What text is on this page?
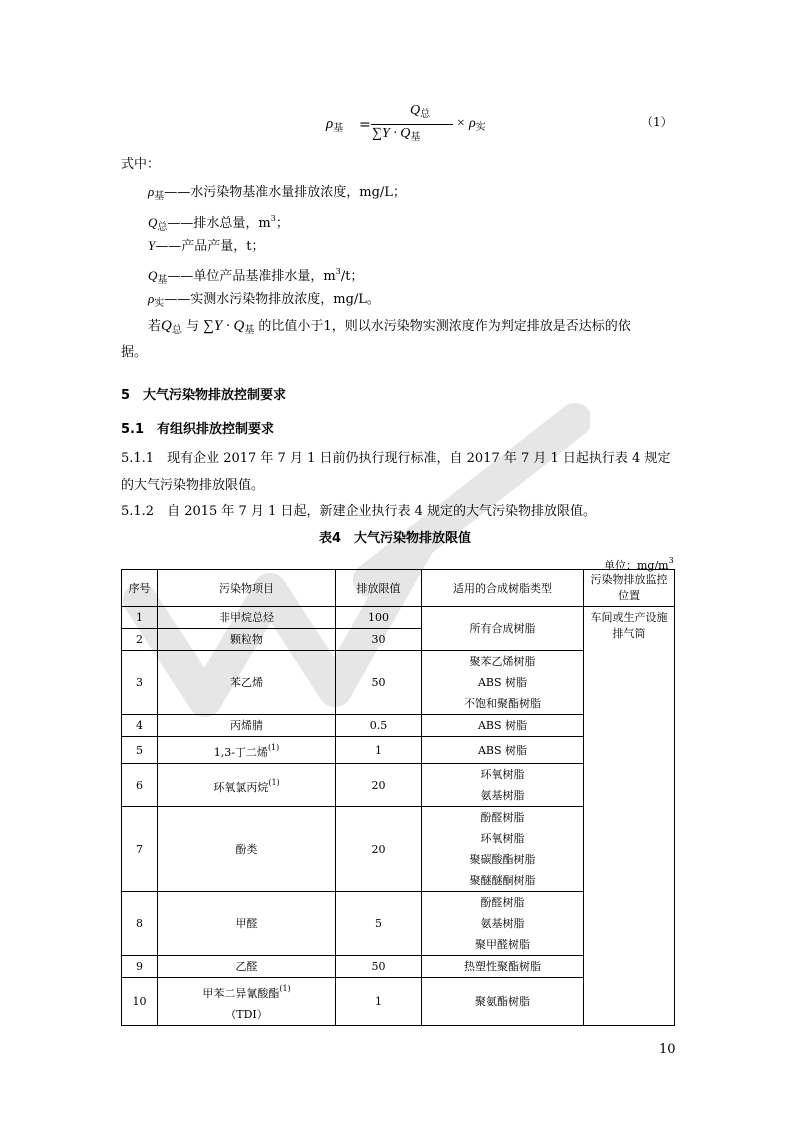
$\rho_基$ =
$Q_总$
$\sum Y \cdot Q_基$
× $\rho_实$	（1）
式中：
$\rho_基——$水污染物基准水量排放浓度，mg/L；
$Q_总——$排水总量，$m^3$；
Y——产品产量，t；
$Q_基——$单位产品基准排水量，$m^3/t$；
$\rho_实——$实测水污染物排放浓度，mg/L。
若$Q_总$ 与 $\sum Y \cdot Q_基$ 的比值小于1，则以水污染物实测浓度作为判定排放是否达标的依
据。
5　大气污染物排放控制要求
5.1　有组织排放控制要求
5.1.1　现有企业 2017 年 7 月 1 日前仍执行现行标准，自 2017 年 7 月 1 日起执行表 4 规定
的大气污染物排放限值。
5.1.2　自 2015 年 7 月 1 日起，新建企业执行表 4 规定的大气污染物排放限值。
表4　大气污染物排放限值
单位：$mg/m^3$
序号	污染物项目	排放限值	适用的合成树脂类型	污染物排放监控位置
1	非甲烷总烃	100	所有合成树脂	车间或生产设施
排气筒

2	颗粒物	30		
3	苯乙烯	50	聚苯乙烯树脂
ABS 树脂
不饱和聚酯树脂	

4	丙烯腈	0.5	ABS 树脂	

5	1,3-丁二烯$^{(1)}$	1	ABS 树脂	

6	环氧氯丙烷$^{(1)}$	20	环氧树脂
氨基树脂	

7	酚类	20	酚醛树脂
环氧树脂
聚碳酸酯树脂
聚醚醚酮树脂	

8	甲醛	5	酚醛树脂
氨基树脂
聚甲醛树脂	

9	乙醛	50	热塑性聚酯树脂	

10	甲苯二异氰酸酯$^{(1)}$
（TDI）	1	聚氨酯树脂	
10
